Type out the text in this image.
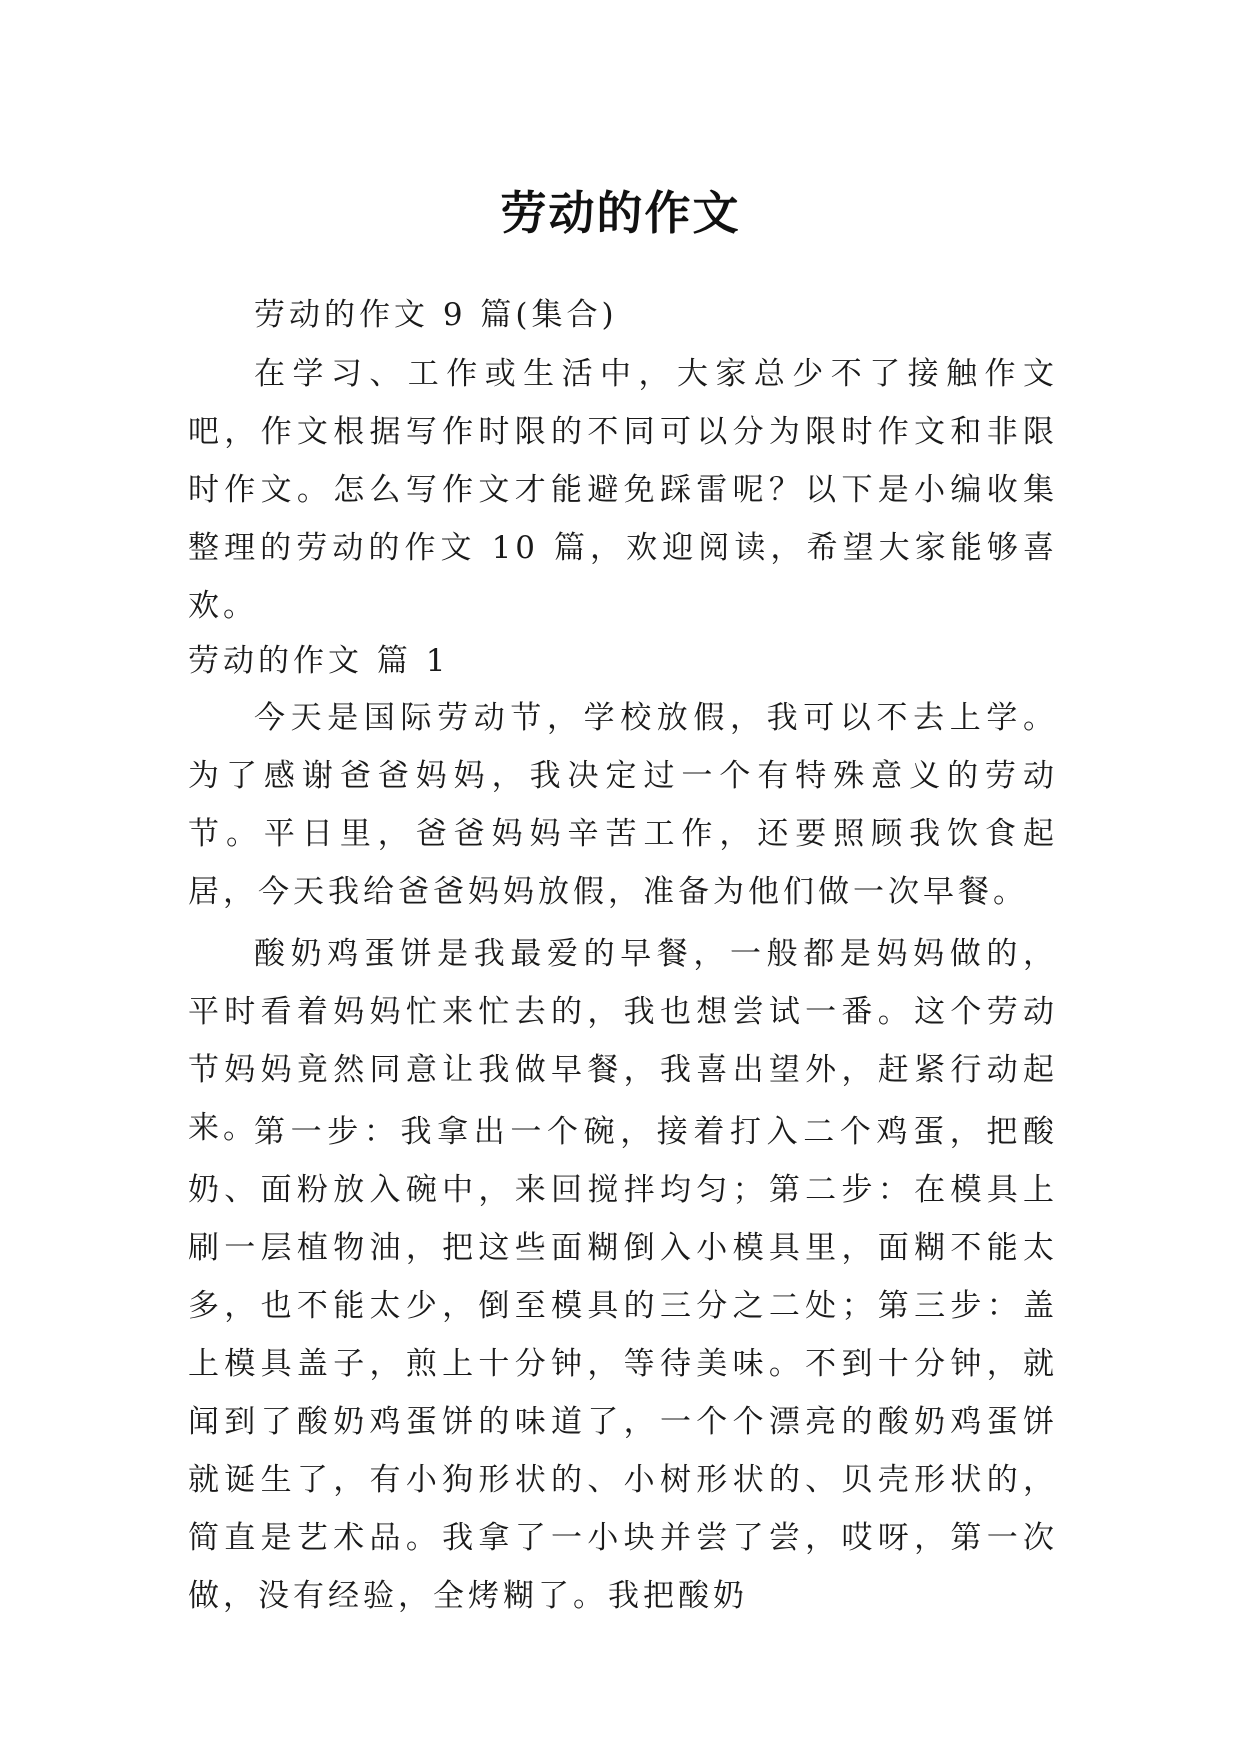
劳动的作文

劳动的作文 9 篇(集合)

在学习、工作或生活中，大家总少不了接触作文吧，作文根据写作时限的不同可以分为限时作文和非限时作文。怎么写作文才能避免踩雷呢？以下是小编收集整理的劳动的作文 10 篇，欢迎阅读，希望大家能够喜欢。

劳动的作文 篇 1

今天是国际劳动节，学校放假，我可以不去上学。为了感谢爸爸妈妈，我决定过一个有特殊意义的劳动节。平日里，爸爸妈妈辛苦工作，还要照顾我饮食起居，今天我给爸爸妈妈放假，准备为他们做一次早餐。

酸奶鸡蛋饼是我最爱的早餐，一般都是妈妈做的，平时看着妈妈忙来忙去的，我也想尝试一番。这个劳动节妈妈竟然同意让我做早餐，我喜出望外，赶紧行动起来。

第一步：我拿出一个碗，接着打入二个鸡蛋，把酸奶、面粉放入碗中，来回搅拌均匀；第二步：在模具上刷一层植物油，把这些面糊倒入小模具里，面糊不能太多，也不能太少，倒至模具的三分之二处；第三步：盖上模具盖子，煎上十分钟，等待美味。不到十分钟，就闻到了酸奶鸡蛋饼的味道了，一个个漂亮的酸奶鸡蛋饼就诞生了，有小狗形状的、小树形状的、贝壳形状的，简直是艺术品。我拿了一小块并尝了尝，哎呀，第一次做，没有经验，全烤糊了。我把酸奶
